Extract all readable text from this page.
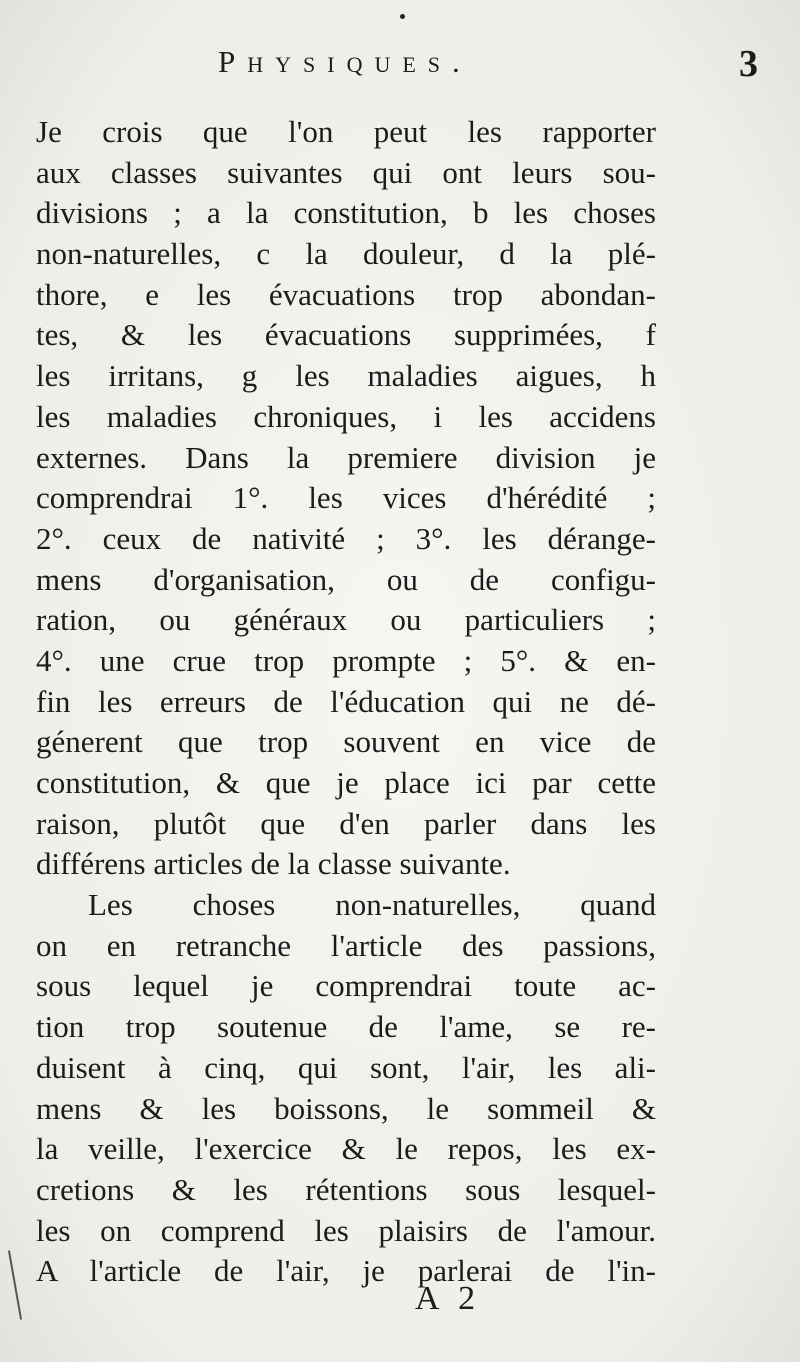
Physiques.	3
Je crois que l'on peut les rapporter
aux classes suivantes qui ont leurs sou-
divisions ; a la constitution, b les choses
non-naturelles, c la douleur, d la plé-
thore, e les évacuations trop abondan-
tes, & les évacuations supprimées, f
les irritans, g les maladies aigues, h
les maladies chroniques, i les accidens
externes. Dans la premiere division je
comprendrai 1°. les vices d'hérédité ;
2°. ceux de nativité ; 3°. les dérange-
mens d'organisation, ou de configu-
ration, ou généraux ou particuliers ;
4°. une crue trop prompte ; 5°. & en-
fin les erreurs de l'éducation qui ne dé-
génerent que trop souvent en vice de
constitution, & que je place ici par cette
raison, plutôt que d'en parler dans les
différens articles de la classe suivante.
Les choses non-naturelles, quand
on en retranche l'article des passions,
sous lequel je comprendrai toute ac-
tion trop soutenue de l'ame, se re-
duisent à cinq, qui sont, l'air, les ali-
mens & les boissons, le sommeil &
la veille, l'exercice & le repos, les ex-
cretions & les rétentions sous lesquel-
les on comprend les plaisirs de l'amour.
A l'article de l'air, je parlerai de l'in-
A 2
